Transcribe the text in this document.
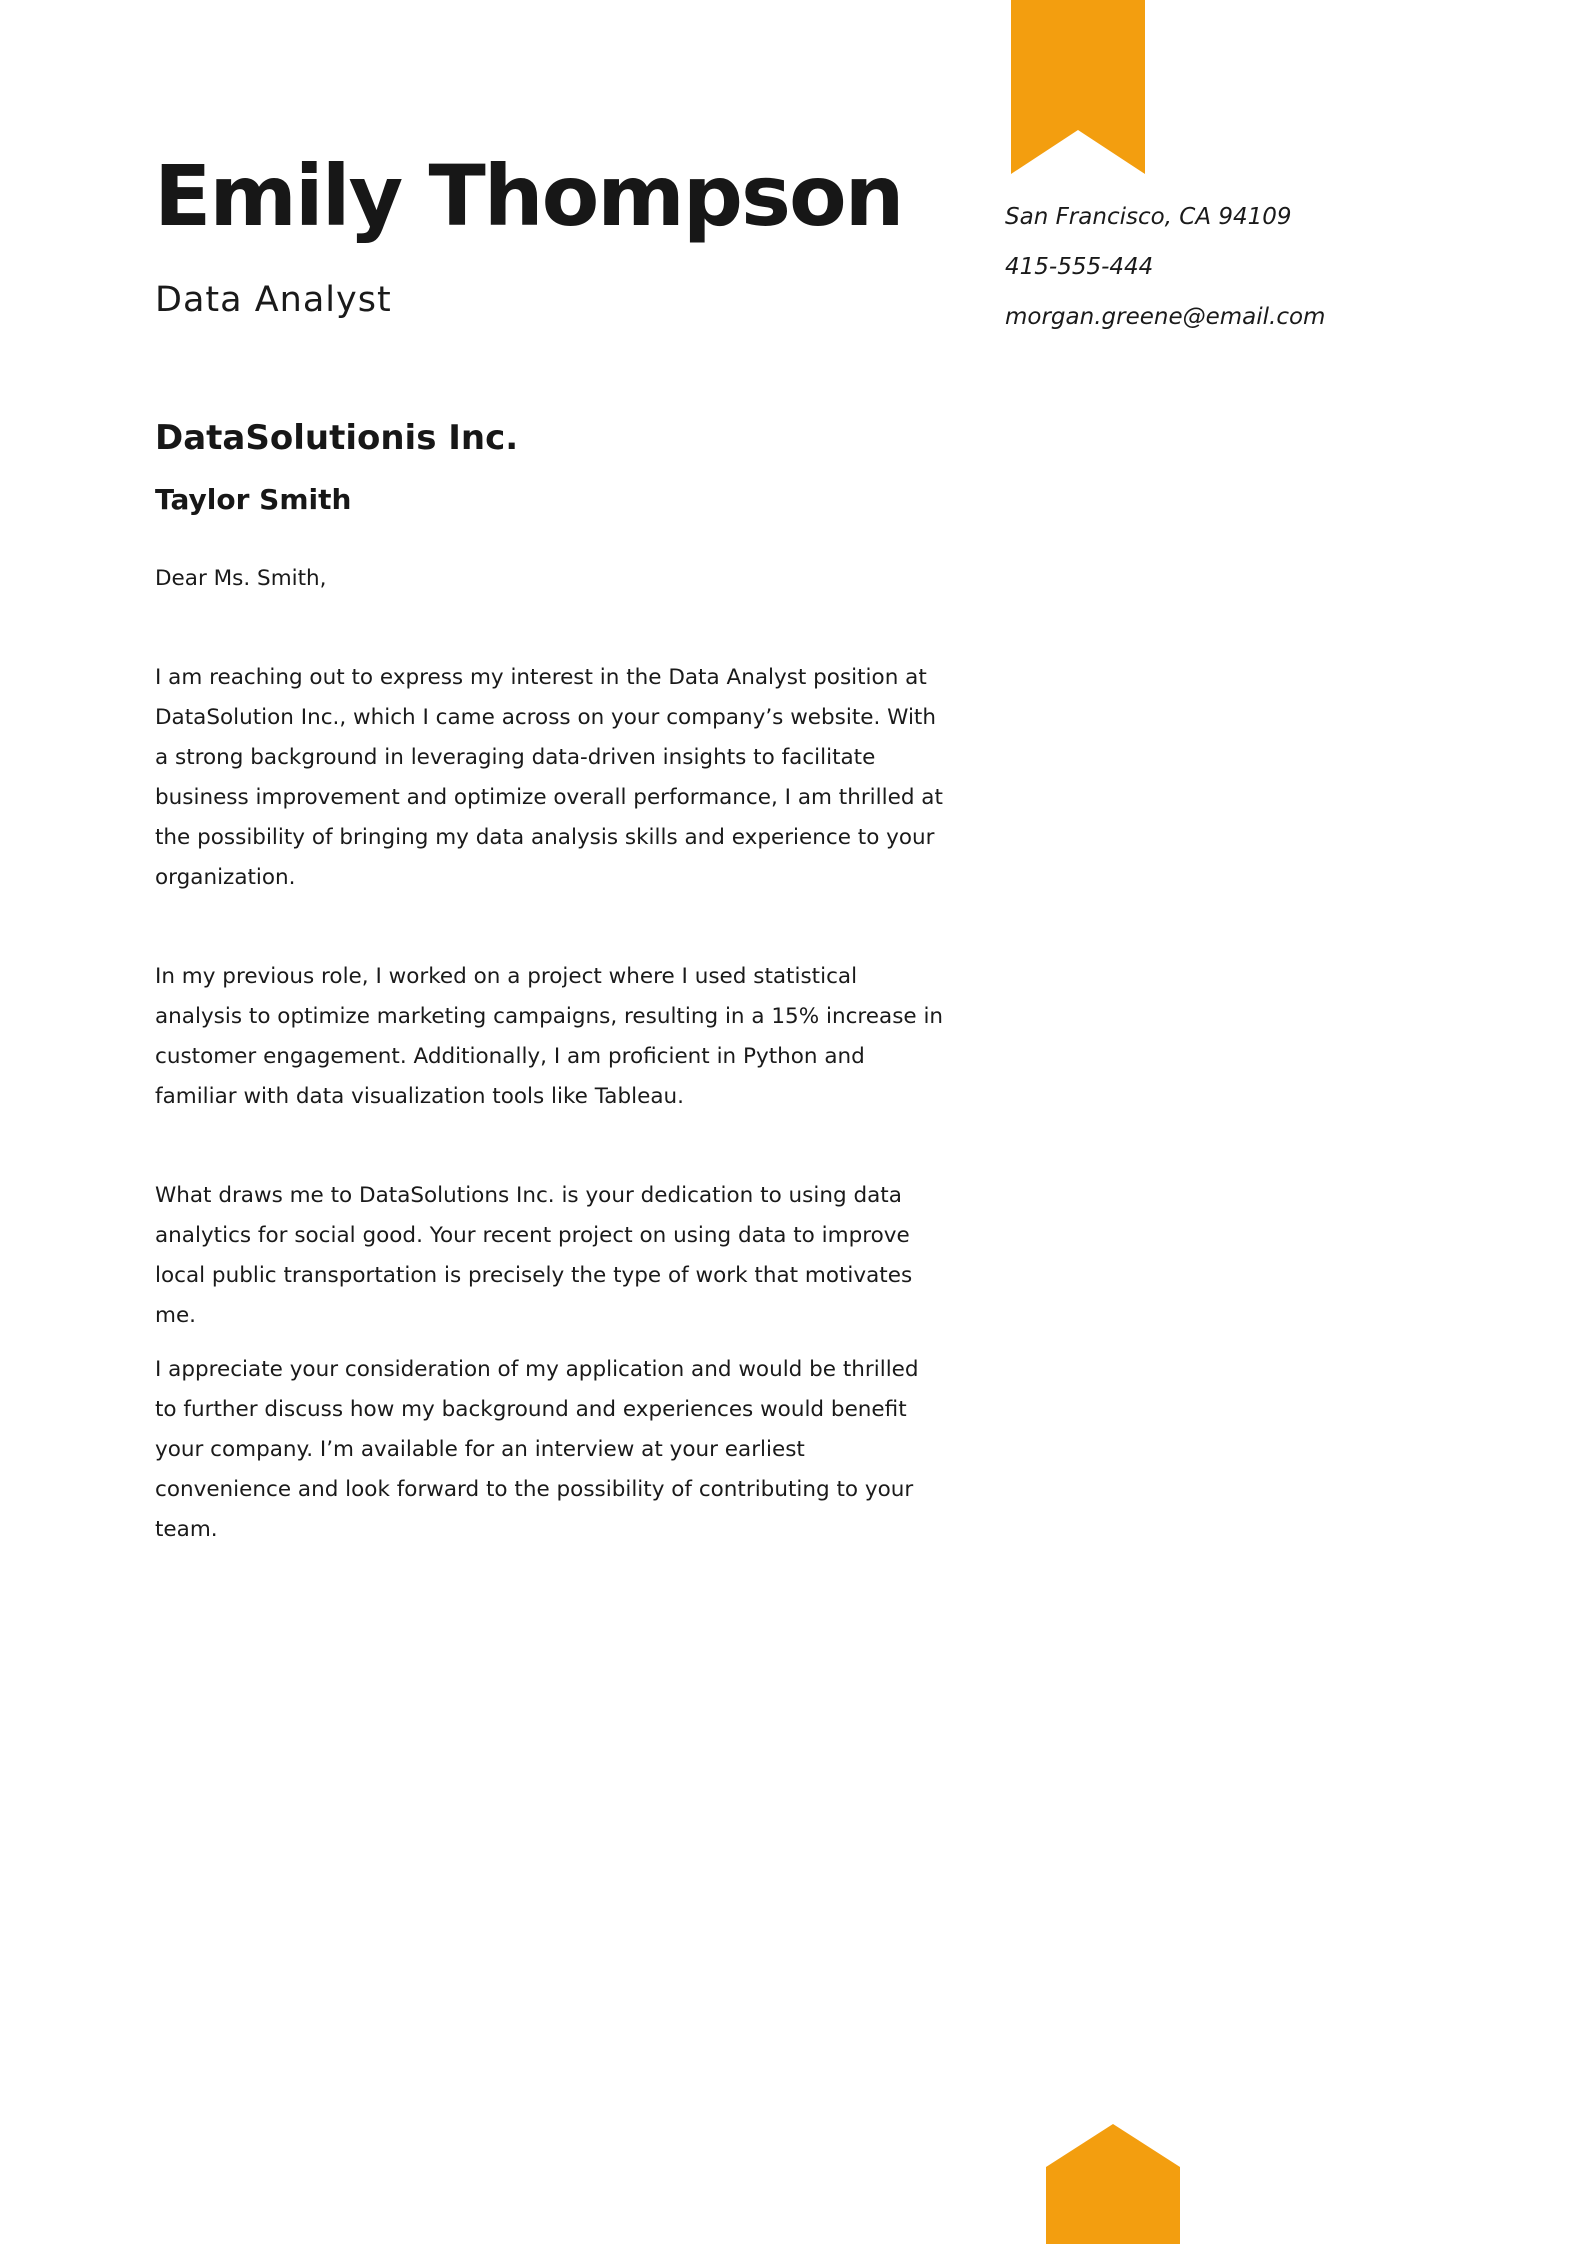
Emily Thompson
Data Analyst
San Francisco, CA 94109
415-555-444
morgan.greene@email.com
DataSolutionis Inc.
Taylor Smith

Dear Ms. Smith,

I am reaching out to express my interest in the Data Analyst position at DataSolution Inc., which I came across on your company’s website. With a strong background in leveraging data-driven insights to facilitate business improvement and optimize overall performance, I am thrilled at the possibility of bringing my data analysis skills and experience to your organization.

In my previous role, I worked on a project where I used statistical analysis to optimize marketing campaigns, resulting in a 15% increase in customer engagement. Additionally, I am proficient in Python and familiar with data visualization tools like Tableau.

What draws me to DataSolutions Inc. is your dedication to using data analytics for social good. Your recent project on using data to improve local public transportation is precisely the type of work that motivates me.

I appreciate your consideration of my application and would be thrilled to further discuss how my background and experiences would benefit your company. I’m available for an interview at your earliest convenience and look forward to the possibility of contributing to your team.
